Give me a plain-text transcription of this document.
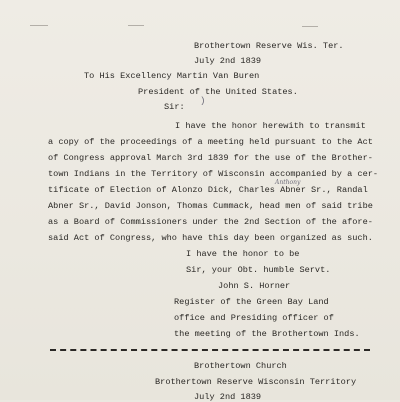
Brothertown Reserve Wis. Ter.
July 2nd 1839
To His Excellency Martin Van Buren
President of the United States.
Sir:
)
I have the honor herewith to transmit
a copy of the proceedings of a meeting held pursuant to the Act
of Congress approval March 3rd 1839 for the use of the Brother-
town Indians in the Territory of Wisconsin accompanied by a cer-
Anthony
tificate of Election of Alonzo Dick, Charles Abner Sr., Randal
Abner Sr., David Jonson, Thomas Cummack, head men of said tribe
as a Board of Commissioners under the 2nd Section of the afore-
said Act of Congress, who have this day been organized as such.
I have the honor to be
Sir, your Obt. humble Servt.
John S. Horner
Register of the Green Bay Land
office and Presiding officer of
the meeting of the Brothertown Inds.
Brothertown Church
Brothertown Reserve Wisconsin Territory
July 2nd 1839
